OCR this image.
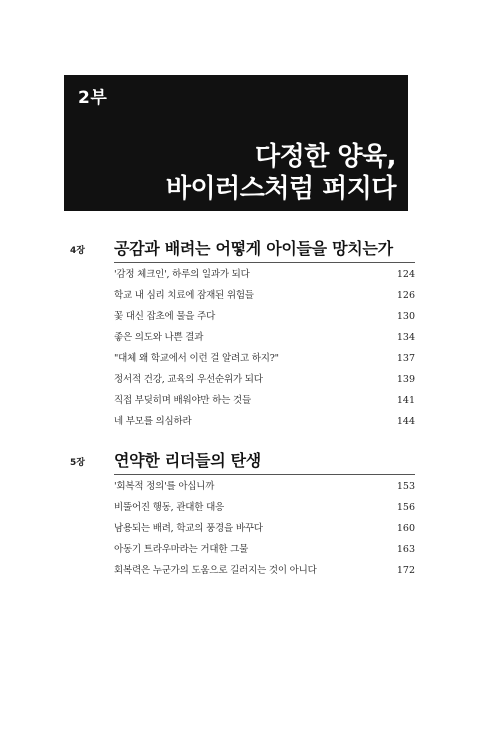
2부
다정한 양육,
바이러스처럼 퍼지다
4장 공감과 배려는 어떻게 아이들을 망치는가
'감정 체크인', 하루의 일과가 되다	124
학교 내 심리 치료에 잠재된 위험들	126
꽃 대신 잡초에 물을 주다	130
좋은 의도와 나쁜 결과	134
"대체 왜 학교에서 이런 걸 알려고 하지?"	137
정서적 건강, 교육의 우선순위가 되다	139
직접 부딪히며 배워야만 하는 것들	141
네 부모를 의심하라	144
5장 연약한 리더들의 탄생
'회복적 정의'를 아십니까	153
비뚤어진 행동, 관대한 대응	156
남용되는 배려, 학교의 풍경을 바꾸다	160
아동기 트라우마라는 거대한 그물	163
회복력은 누군가의 도움으로 길러지는 것이 아니다	172
